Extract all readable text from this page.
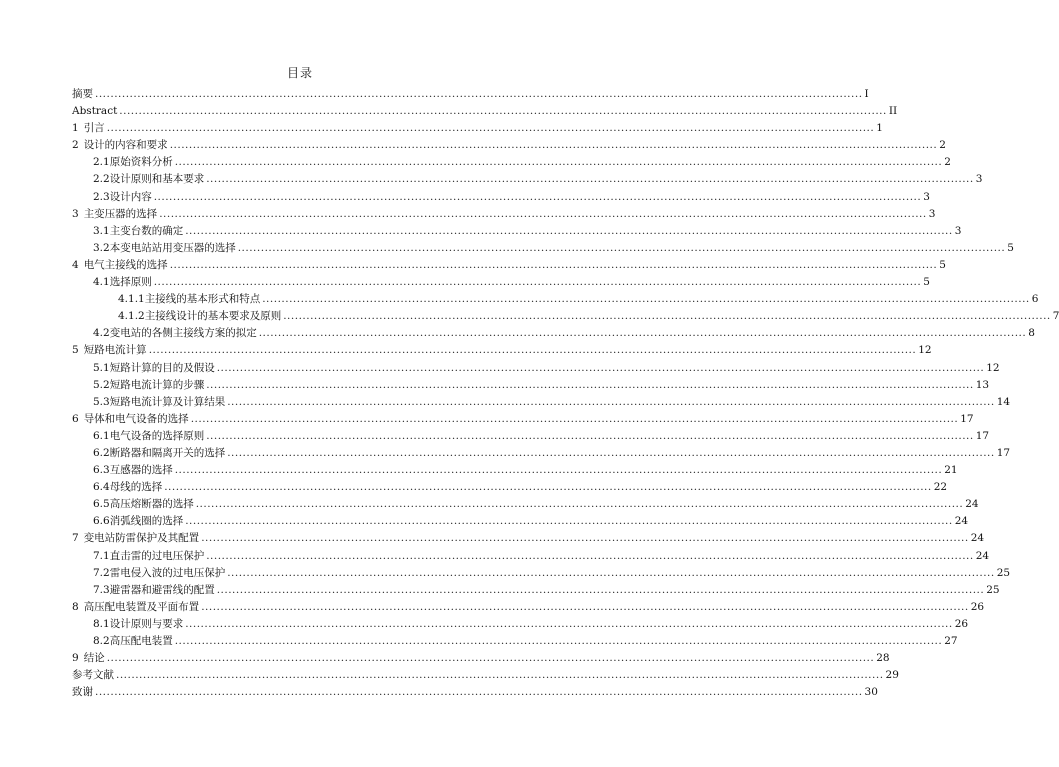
目录
摘要 ........................................................................................................................................................................................................ I
Abstract ........................................................................................................................................................................................................ II
1 引言 ........................................................................................................................................................................................................ 1
2 设计的内容和要求 ........................................................................................................................................................................................................ 2
2.1 原始资料分析 ........................................................................................................................................................................................................ 2
2.2 设计原则和基本要求 ........................................................................................................................................................................................................ 3
2.3 设计内容 ........................................................................................................................................................................................................ 3
3 主变压器的选择 ........................................................................................................................................................................................................ 3
3.1 主变台数的确定 ........................................................................................................................................................................................................ 3
3.2 本变电站站用变压器的选择 ........................................................................................................................................................................................................ 5
4 电气主接线的选择 ........................................................................................................................................................................................................ 5
4.1 选择原则 ........................................................................................................................................................................................................ 5
4.1.1 主接线的基本形式和特点 ........................................................................................................................................................................................................ 6
4.1.2 主接线设计的基本要求及原则 ........................................................................................................................................................................................................ 7
4.2 变电站的各侧主接线方案的拟定 ........................................................................................................................................................................................................ 8
5 短路电流计算 ........................................................................................................................................................................................................ 12
5.1 短路计算的目的及假设 ........................................................................................................................................................................................................ 12
5.2 短路电流计算的步骤 ........................................................................................................................................................................................................ 13
5.3 短路电流计算及计算结果 ........................................................................................................................................................................................................ 14
6 导体和电气设备的选择 ........................................................................................................................................................................................................ 17
6.1 电气设备的选择原则 ........................................................................................................................................................................................................ 17
6.2 断路器和隔离开关的选择 ........................................................................................................................................................................................................ 17
6.3 互感器的选择 ........................................................................................................................................................................................................ 21
6.4 母线的选择 ........................................................................................................................................................................................................ 22
6.5 高压熔断器的选择 ........................................................................................................................................................................................................ 24
6.6 消弧线圈的选择 ........................................................................................................................................................................................................ 24
7 变电站防雷保护及其配置 ........................................................................................................................................................................................................ 24
7.1 直击雷的过电压保护 ........................................................................................................................................................................................................ 24
7.2 雷电侵入波的过电压保护 ........................................................................................................................................................................................................ 25
7.3 避雷器和避雷线的配置 ........................................................................................................................................................................................................ 25
8 高压配电装置及平面布置 ........................................................................................................................................................................................................ 26
8.1 设计原则与要求 ........................................................................................................................................................................................................ 26
8.2 高压配电装置 ........................................................................................................................................................................................................ 27
9 结论 ........................................................................................................................................................................................................ 28
参考文献 ........................................................................................................................................................................................................ 29
致谢 ........................................................................................................................................................................................................ 30
